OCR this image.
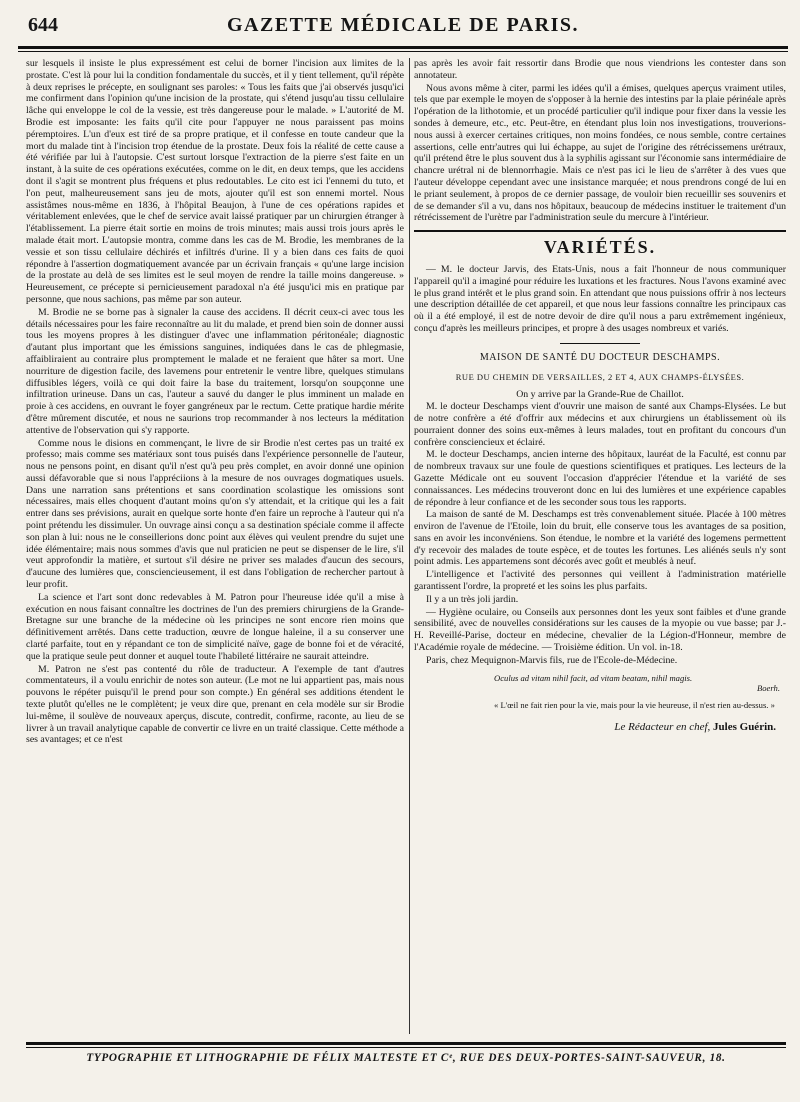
644	GAZETTE MÉDICALE DE PARIS.

sur lesquels il insiste le plus expressément est celui de borner l'incision aux limites de la prostate. C'est là pour lui la condition fondamentale du succès, et il y tient tellement, qu'il répète à deux reprises le précepte, en soulignant ses paroles: « Tous les faits que j'ai observés jusqu'ici me confirment dans l'opinion qu'une incision de la prostate, qui s'étend jusqu'au tissu cellulaire lâche qui enveloppe le col de la vessie, est très dangereuse pour le malade. » L'autorité de M. Brodie est imposante: les faits qu'il cite pour l'appuyer ne nous paraissent pas moins péremptoires. L'un d'eux est tiré de sa propre pratique, et il confesse en toute candeur que la mort du malade tint à l'incision trop étendue de la prostate. Deux fois la réalité de cette cause a été vérifiée par lui à l'autopsie. C'est surtout lorsque l'extraction de la pierre s'est faite en un instant, à la suite de ces opérations exécutées, comme on le dit, en deux temps, que les accidens dont il s'agit se montrent plus fréquens et plus redoutables. Le cito est ici l'ennemi du tuto, et l'on peut, malheureusement sans jeu de mots, ajouter qu'il est son ennemi mortel. Nous assistâmes nous-même en 1836, à l'hôpital Beaujon, à l'une de ces opérations rapides et véritablement enlevées, que le chef de service avait laissé pratiquer par un chirurgien étranger à l'établissement. La pierre était sortie en moins de trois minutes; mais aussi trois jours après le malade était mort. L'autopsie montra, comme dans les cas de M. Brodie, les membranes de la vessie et son tissu cellulaire déchirés et infiltrés d'urine. Il y a bien dans ces faits de quoi répondre à l'assertion dogmatiquement avancée par un écrivain français « qu'une large incision de la prostate au delà de ses limites est le seul moyen de rendre la taille moins dangereuse. » Heureusement, ce précepte si pernicieusement paradoxal n'a été jusqu'ici mis en pratique par personne, que nous sachions, pas même par son auteur.

M. Brodie ne se borne pas à signaler la cause des accidens. Il décrit ceux-ci avec tous les détails nécessaires pour les faire reconnaître au lit du malade, et prend bien soin de donner aussi tous les moyens propres à les distinguer d'avec une inflammation péritonéale; diagnostic d'autant plus important que les émissions sanguines, indiquées dans le cas de phlegmasie, affaibliraient au contraire plus promptement le malade et ne feraient que hâter sa mort. Une nourriture de digestion facile, des lavemens pour entretenir le ventre libre, quelques stimulans diffusibles légers, voilà ce qui doit faire la base du traitement, lorsqu'on soupçonne une infiltration urineuse. Dans un cas, l'auteur a sauvé du danger le plus imminent un malade en proie à ces accidens, en ouvrant le foyer gangréneux par le rectum. Cette pratique hardie mérite d'être mûrement discutée, et nous ne saurions trop recommander à nos lecteurs la méditation attentive de l'observation qui s'y rapporte.

Comme nous le disions en commençant, le livre de sir Brodie n'est certes pas un traité ex professo; mais comme ses matériaux sont tous puisés dans l'expérience personnelle de l'auteur, nous ne pensons point, en disant qu'il n'est qu'à peu près complet, en avoir donné une opinion aussi défavorable que si nous l'appréciions à la mesure de nos ouvrages dogmatiques usuels. Dans une narration sans prétentions et sans coordination scolastique les omissions sont nécessaires, mais elles choquent d'autant moins qu'on s'y attendait, et la critique qui les a fait entrer dans ses prévisions, aurait en quelque sorte honte d'en faire un reproche à l'auteur qui n'a point prétendu les dissimuler. Un ouvrage ainsi conçu a sa destination spéciale comme il affecte son plan à lui: nous ne le conseillerions donc point aux élèves qui veulent prendre du sujet une idée élémentaire; mais nous sommes d'avis que nul praticien ne peut se dispenser de le lire, s'il veut approfondir la matière, et surtout s'il désire ne priver ses malades d'aucun des secours, d'aucune des lumières que, consciencieusement, il est dans l'obligation de rechercher partout à leur profit.

La science et l'art sont donc redevables à M. Patron pour l'heureuse idée qu'il a mise à exécution en nous faisant connaître les doctrines de l'un des premiers chirurgiens de la Grande-Bretagne sur une branche de la médecine où les principes ne sont encore rien moins que définitivement arrêtés. Dans cette traduction, œuvre de longue haleine, il a su conserver une clarté parfaite, tout en y répandant ce ton de simplicité naïve, gage de bonne foi et de véracité, que la pratique seule peut donner et auquel toute l'habileté littéraire ne saurait atteindre.

M. Patron ne s'est pas contenté du rôle de traducteur. A l'exemple de tant d'autres commentateurs, il a voulu enrichir de notes son auteur. (Le mot ne lui appartient pas, mais nous pouvons le répéter puisqu'il le prend pour son compte.) En général ses additions étendent le texte plutôt qu'elles ne le complètent; je veux dire que, prenant en cela modèle sur sir Brodie lui-même, il soulève de nouveaux aperçus, discute, contredit, confirme, raconte, au lieu de se livrer à un travail analytique capable de convertir ce livre en un traité classique. Cette méthode a ses avantages; et ce n'est

pas après les avoir fait ressortir dans Brodie que nous viendrions les contester dans son annotateur.

Nous avons même à citer, parmi les idées qu'il a émises, quelques aperçus vraiment utiles, tels que par exemple le moyen de s'opposer à la hernie des intestins par la plaie périnéale après l'opération de la lithotomie, et un procédé particulier qu'il indique pour fixer dans la vessie les sondes à demeure, etc., etc. Peut-être, en étendant plus loin nos investigations, trouverions-nous aussi à exercer certaines critiques, non moins fondées, ce nous semble, contre certaines assertions, celle entr'autres qui lui échappe, au sujet de l'origine des rétrécissemens urétraux, qu'il prétend être le plus souvent dus à la syphilis agissant sur l'économie sans intermédiaire de chancre urétral ni de blennorrhagie. Mais ce n'est pas ici le lieu de s'arrêter à des vues que l'auteur développe cependant avec une insistance marquée; et nous prendrons congé de lui en le priant seulement, à propos de ce dernier passage, de vouloir bien recueillir ses souvenirs et de se demander s'il a vu, dans nos hôpitaux, beaucoup de médecins instituer le traitement d'un rétrécissement de l'urètre par l'administration seule du mercure à l'intérieur.

VARIÉTÉS.

— M. le docteur Jarvis, des Etats-Unis, nous a fait l'honneur de nous communiquer l'appareil qu'il a imaginé pour réduire les luxations et les fractures. Nous l'avons examiné avec le plus grand intérêt et le plus grand soin. En attendant que nous puissions offrir à nos lecteurs une description détaillée de cet appareil, et que nous leur fassions connaître les principaux cas où il a été employé, il est de notre devoir de dire qu'il nous a paru extrêmement ingénieux, conçu d'après les meilleurs principes, et propre à des usages nombreux et variés.

MAISON DE SANTÉ DU DOCTEUR DESCHAMPS.
RUE DU CHEMIN DE VERSAILLES, 2 ET 4, AUX CHAMPS-ÉLYSÉES.
On y arrive par la Grande-Rue de Chaillot.

M. le docteur Deschamps vient d'ouvrir une maison de santé aux Champs-Elysées. Le but de notre confrère a été d'offrir aux médecins et aux chirurgiens un établissement où ils pourraient donner des soins eux-mêmes à leurs malades, tout en profitant du concours d'un confrère consciencieux et éclairé.

M. le docteur Deschamps, ancien interne des hôpitaux, lauréat de la Faculté, est connu par de nombreux travaux sur une foule de questions scientifiques et pratiques. Les lecteurs de la Gazette Médicale ont eu souvent l'occasion d'apprécier l'étendue et la variété de ses connaissances. Les médecins trouveront donc en lui des lumières et une expérience capables de répondre à leur confiance et de les seconder sous tous les rapports.

La maison de santé de M. Deschamps est très convenablement située. Placée à 100 mètres environ de l'avenue de l'Etoile, loin du bruit, elle conserve tous les avantages de sa position, sans en avoir les inconvéniens. Son étendue, le nombre et la variété des logemens permettent d'y recevoir des malades de toute espèce, et de toutes les fortunes. Les aliénés seuls n'y sont point admis. Les appartemens sont décorés avec goût et meublés à neuf.

L'intelligence et l'activité des personnes qui veillent à l'administration matérielle garantissent l'ordre, la propreté et les soins les plus parfaits.

Il y a un très joli jardin.

— Hygiène oculaire, ou Conseils aux personnes dont les yeux sont faibles et d'une grande sensibilité, avec de nouvelles considérations sur les causes de la myopie ou vue basse; par J.-H. Reveillé-Parise, docteur en médecine, chevalier de la Légion-d'Honneur, membre de l'Académie royale de médecine. — Troisième édition. Un vol. in-18.

Paris, chez Mequignon-Marvis fils, rue de l'Ecole-de-Médecine.

Oculus ad vitam nihil facit, ad vitam beatam, nihil magis.
Boerh.
« L'œil ne fait rien pour la vie, mais pour la vie heureuse, il n'est rien au-dessus. »
Le Rédacteur en chef, Jules Guérin.
TYPOGRAPHIE ET LITHOGRAPHIE DE FÉLIX MALTESTE ET Cᵉ, RUE DES DEUX-PORTES-SAINT-SAUVEUR, 18.
